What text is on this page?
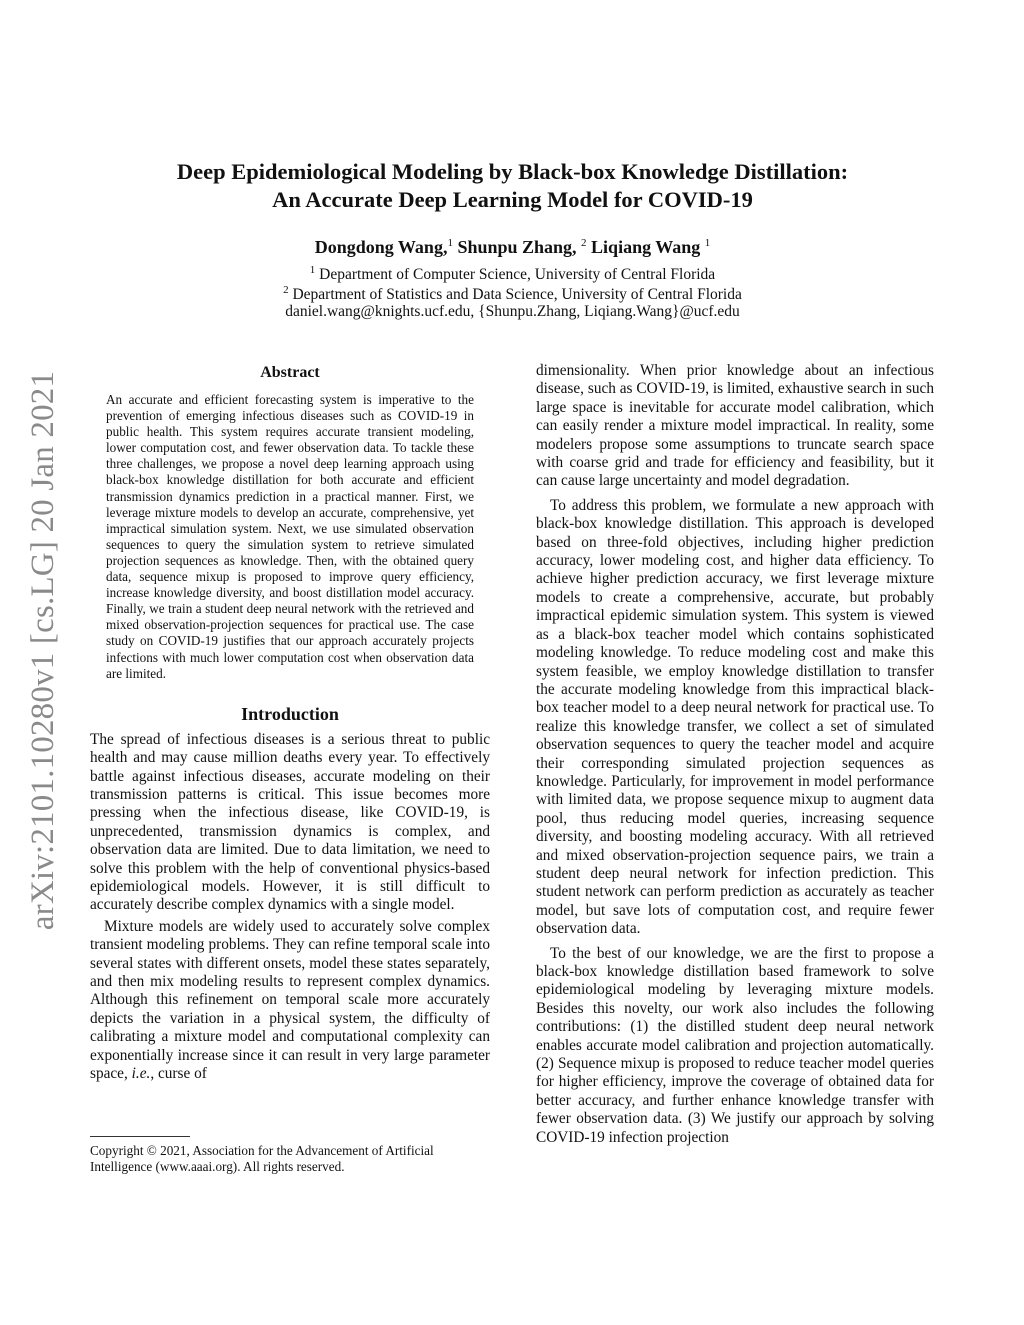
arXiv:2101.10280v1 [cs.LG] 20 Jan 2021
Deep Epidemiological Modeling by Black-box Knowledge Distillation:
An Accurate Deep Learning Model for COVID-19

Dongdong Wang,$^1$ Shunpu Zhang, $^2$ Liqiang Wang $^1$

$^1$ Department of Computer Science, University of Central Florida

$^2$ Department of Statistics and Data Science, University of Central Florida

daniel.wang@knights.ucf.edu, {Shunpu.Zhang, Liqiang.Wang}@ucf.edu

Abstract

An accurate and efficient forecasting system is imperative to the prevention of emerging infectious diseases such as COVID-19 in public health. This system requires accurate transient modeling, lower computation cost, and fewer observation data. To tackle these three challenges, we propose a novel deep learning approach using black-box knowledge distillation for both accurate and efficient transmission dynamics prediction in a practical manner. First, we leverage mixture models to develop an accurate, comprehensive, yet impractical simulation system. Next, we use simulated observation sequences to query the simulation system to retrieve simulated projection sequences as knowledge. Then, with the obtained query data, sequence mixup is proposed to improve query efficiency, increase knowledge diversity, and boost distillation model accuracy. Finally, we train a student deep neural network with the retrieved and mixed observation-projection sequences for practical use. The case study on COVID-19 justifies that our approach accurately projects infections with much lower computation cost when observation data are limited.

Introduction

The spread of infectious diseases is a serious threat to public health and may cause million deaths every year. To effectively battle against infectious diseases, accurate modeling on their transmission patterns is critical. This issue becomes more pressing when the infectious disease, like COVID-19, is unprecedented, transmission dynamics is complex, and observation data are limited. Due to data limitation, we need to solve this problem with the help of conventional physics-based epidemiological models. However, it is still difficult to accurately describe complex dynamics with a single model.

Mixture models are widely used to accurately solve complex transient modeling problems. They can refine temporal scale into several states with different onsets, model these states separately, and then mix modeling results to represent complex dynamics. Although this refinement on temporal scale more accurately depicts the variation in a physical system, the difficulty of calibrating a mixture model and computational complexity can exponentially increase since it can result in very large parameter space, i.e., curse of

Copyright © 2021, Association for the Advancement of Artificial Intelligence (www.aaai.org). All rights reserved.

dimensionality. When prior knowledge about an infectious disease, such as COVID-19, is limited, exhaustive search in such large space is inevitable for accurate model calibration, which can easily render a mixture model impractical. In reality, some modelers propose some assumptions to truncate search space with coarse grid and trade for efficiency and feasibility, but it can cause large uncertainty and model degradation.

To address this problem, we formulate a new approach with black-box knowledge distillation. This approach is developed based on three-fold objectives, including higher prediction accuracy, lower modeling cost, and higher data efficiency. To achieve higher prediction accuracy, we first leverage mixture models to create a comprehensive, accurate, but probably impractical epidemic simulation system. This system is viewed as a black-box teacher model which contains sophisticated modeling knowledge. To reduce modeling cost and make this system feasible, we employ knowledge distillation to transfer the accurate modeling knowledge from this impractical black-box teacher model to a deep neural network for practical use. To realize this knowledge transfer, we collect a set of simulated observation sequences to query the teacher model and acquire their corresponding simulated projection sequences as knowledge. Particularly, for improvement in model performance with limited data, we propose sequence mixup to augment data pool, thus reducing model queries, increasing sequence diversity, and boosting modeling accuracy. With all retrieved and mixed observation-projection sequence pairs, we train a student deep neural network for infection prediction. This student network can perform prediction as accurately as teacher model, but save lots of computation cost, and require fewer observation data.

To the best of our knowledge, we are the first to propose a black-box knowledge distillation based framework to solve epidemiological modeling by leveraging mixture models. Besides this novelty, our work also includes the following contributions: (1) the distilled student deep neural network enables accurate model calibration and projection automatically. (2) Sequence mixup is proposed to reduce teacher model queries for higher efficiency, improve the coverage of obtained data for better accuracy, and further enhance knowledge transfer with fewer observation data. (3) We justify our approach by solving COVID-19 infection projection
